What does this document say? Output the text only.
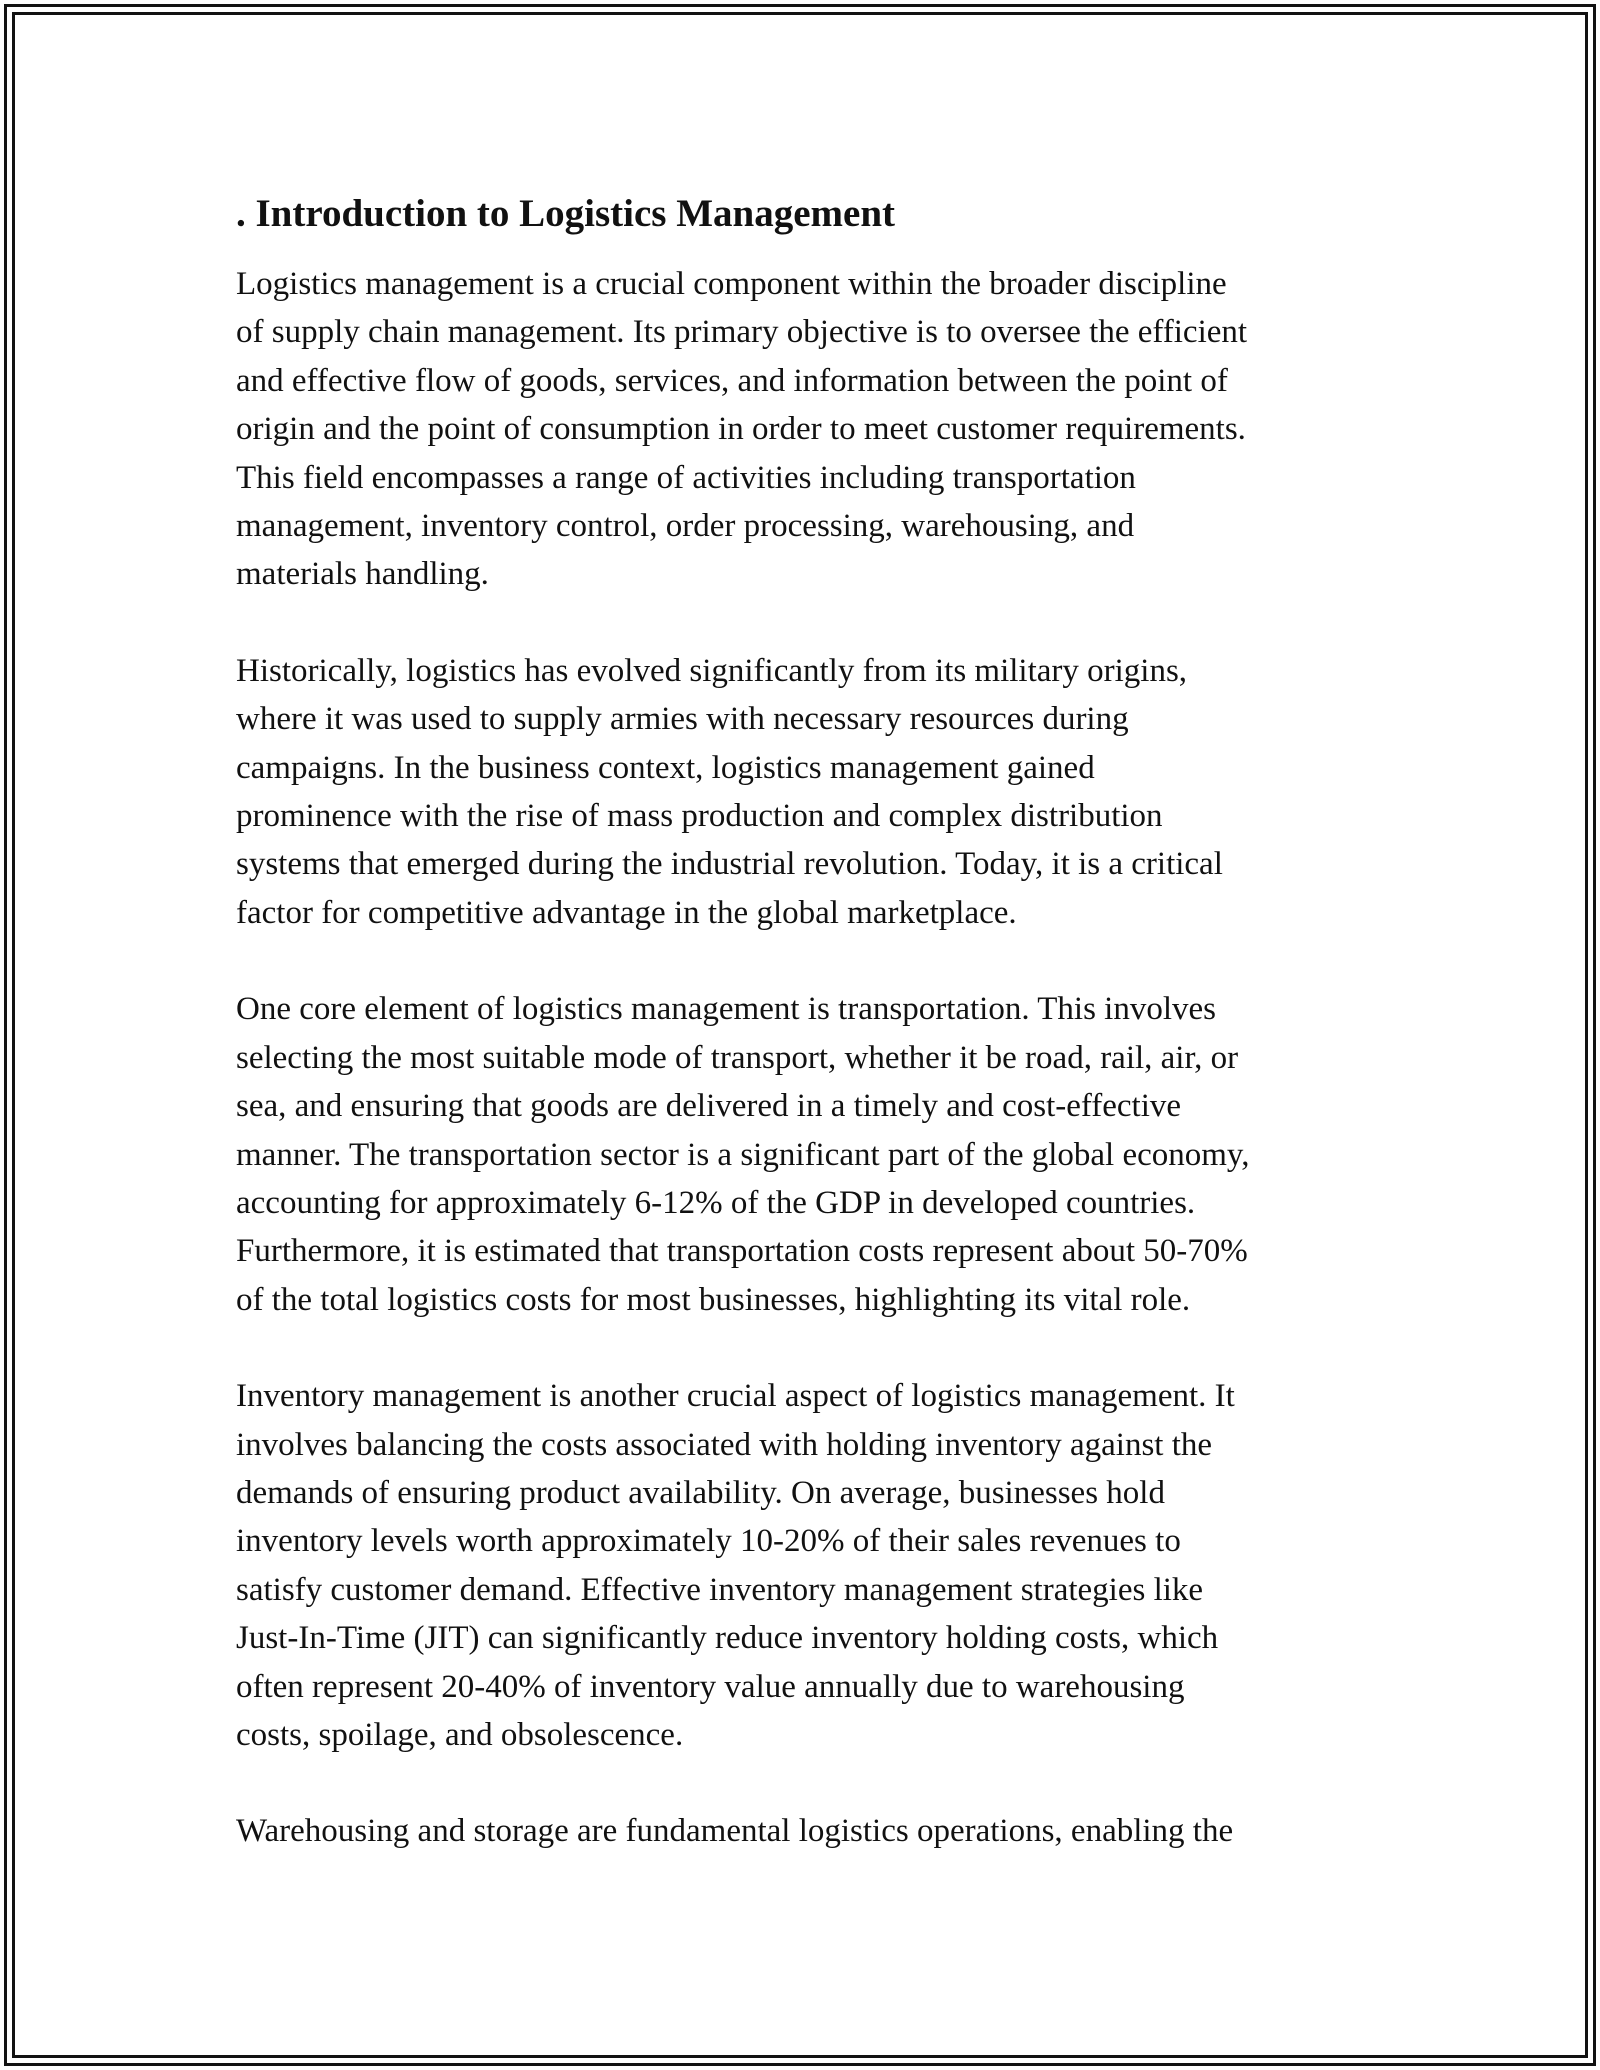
. Introduction to Logistics Management

Logistics management is a crucial component within the broader discipline
of supply chain management. Its primary objective is to oversee the efficient
and effective flow of goods, services, and information between the point of
origin and the point of consumption in order to meet customer requirements.
This field encompasses a range of activities including transportation
management, inventory control, order processing, warehousing, and
materials handling.

Historically, logistics has evolved significantly from its military origins,
where it was used to supply armies with necessary resources during
campaigns. In the business context, logistics management gained
prominence with the rise of mass production and complex distribution
systems that emerged during the industrial revolution. Today, it is a critical
factor for competitive advantage in the global marketplace.

One core element of logistics management is transportation. This involves
selecting the most suitable mode of transport, whether it be road, rail, air, or
sea, and ensuring that goods are delivered in a timely and cost-effective
manner. The transportation sector is a significant part of the global economy,
accounting for approximately 6-12% of the GDP in developed countries.
Furthermore, it is estimated that transportation costs represent about 50-70%
of the total logistics costs for most businesses, highlighting its vital role.

Inventory management is another crucial aspect of logistics management. It
involves balancing the costs associated with holding inventory against the
demands of ensuring product availability. On average, businesses hold
inventory levels worth approximately 10-20% of their sales revenues to
satisfy customer demand. Effective inventory management strategies like
Just-In-Time (JIT) can significantly reduce inventory holding costs, which
often represent 20-40% of inventory value annually due to warehousing
costs, spoilage, and obsolescence.

Warehousing and storage are fundamental logistics operations, enabling the
